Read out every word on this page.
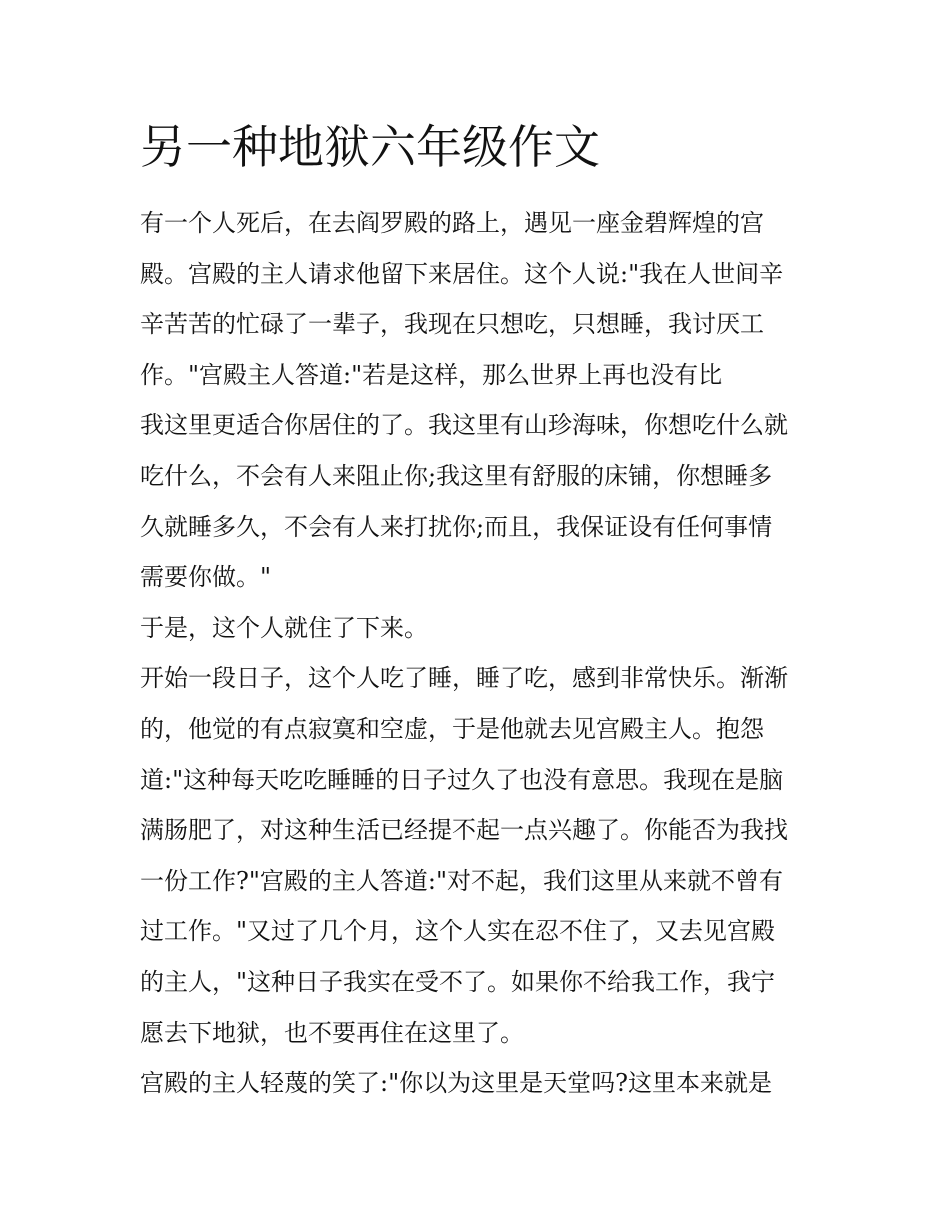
另一种地狱六年级作文

有一个人死后，在去阎罗殿的路上，遇见一座金碧辉煌的宫

殿。宫殿的主人请求他留下来居住。这个人说:"我在人世间辛

辛苦苦的忙碌了一辈子，我现在只想吃，只想睡，我讨厌工

作。"宫殿主人答道:"若是这样，那么世界上再也没有比

我这里更适合你居住的了。我这里有山珍海味，你想吃什么就

吃什么，不会有人来阻止你;我这里有舒服的床铺，你想睡多

久就睡多久，不会有人来打扰你;而且，我保证设有任何事情

需要你做。"

于是，这个人就住了下来。

开始一段日子，这个人吃了睡，睡了吃，感到非常快乐。渐渐

的，他觉的有点寂寞和空虚，于是他就去见宫殿主人。抱怨

道:"这种每天吃吃睡睡的日子过久了也没有意思。我现在是脑

满肠肥了，对这种生活已经提不起一点兴趣了。你能否为我找

一份工作?"宫殿的主人答道:"对不起，我们这里从来就不曾有

过工作。"又过了几个月，这个人实在忍不住了，又去见宫殿

的主人，"这种日子我实在受不了。如果你不给我工作，我宁

愿去下地狱，也不要再住在这里了。

宫殿的主人轻蔑的笑了:"你以为这里是天堂吗?这里本来就是
